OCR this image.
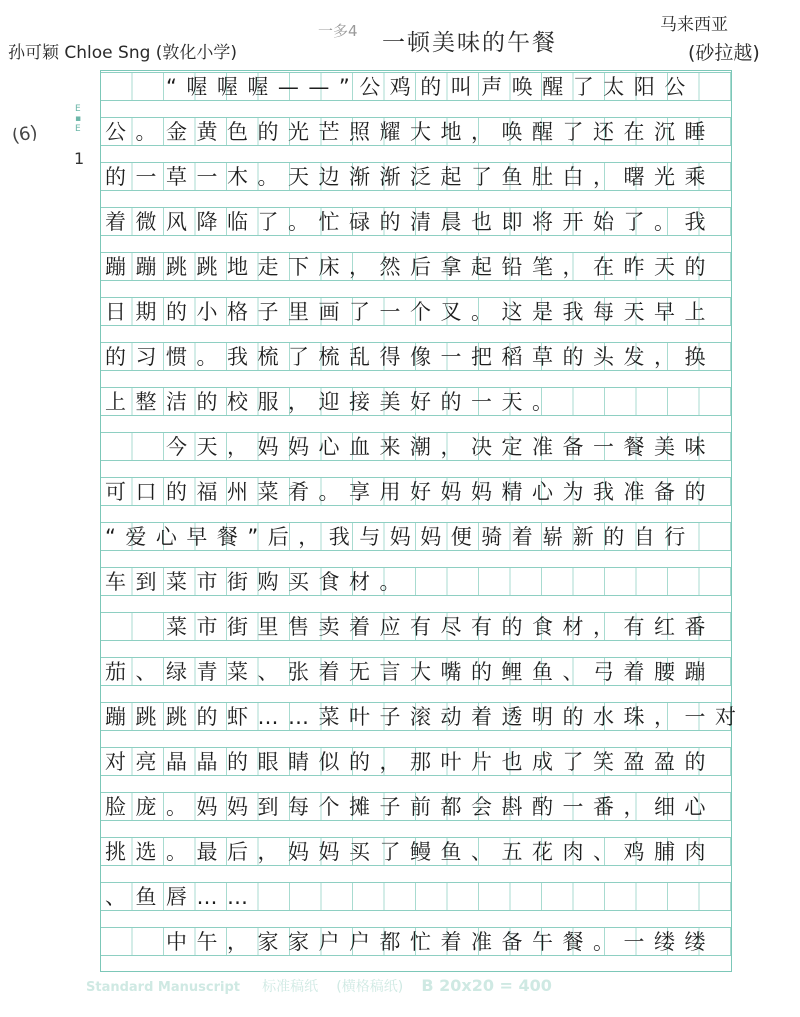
孙可颖 Chloe Sng (敦化小学)
一多4 一顿美味的午餐
马来西亚
(砂拉越)
(6)
1
E ▪ E
　　“喔喔喔——”公鸡的叫声唤醒了太阳公
公。金黄色的光芒照耀大地，唤醒了还在沉睡
的一草一木。天边渐渐泛起了鱼肚白，曙光乘
着微风降临了。忙碌的清晨也即将开始了。我
蹦蹦跳跳地走下床，然后拿起铅笔，在昨天的
日期的小格子里画了一个叉。这是我每天早上
的习惯。我梳了梳乱得像一把稻草的头发，换
上整洁的校服，迎接美好的一天。
　　今天，妈妈心血来潮，决定准备一餐美味
可口的福州菜肴。享用好妈妈精心为我准备的
“爱心早餐”后，我与妈妈便骑着崭新的自行
车到菜市街购买食材。
　　菜市街里售卖着应有尽有的食材，有红番
茄、绿青菜、张着无言大嘴的鲤鱼、弓着腰蹦
蹦跳跳的虾……菜叶子滚动着透明的水珠，一对
对亮晶晶的眼睛似的，那叶片也成了笑盈盈的
脸庞。妈妈到每个摊子前都会斟酌一番，细心
挑选。最后，妈妈买了鳗鱼、五花肉、鸡脯肉
、鱼唇……
　　中午，家家户户都忙着准备午餐。一缕缕
Standard Manuscript 标准稿纸 (横格稿纸) B 20x20 = 400
